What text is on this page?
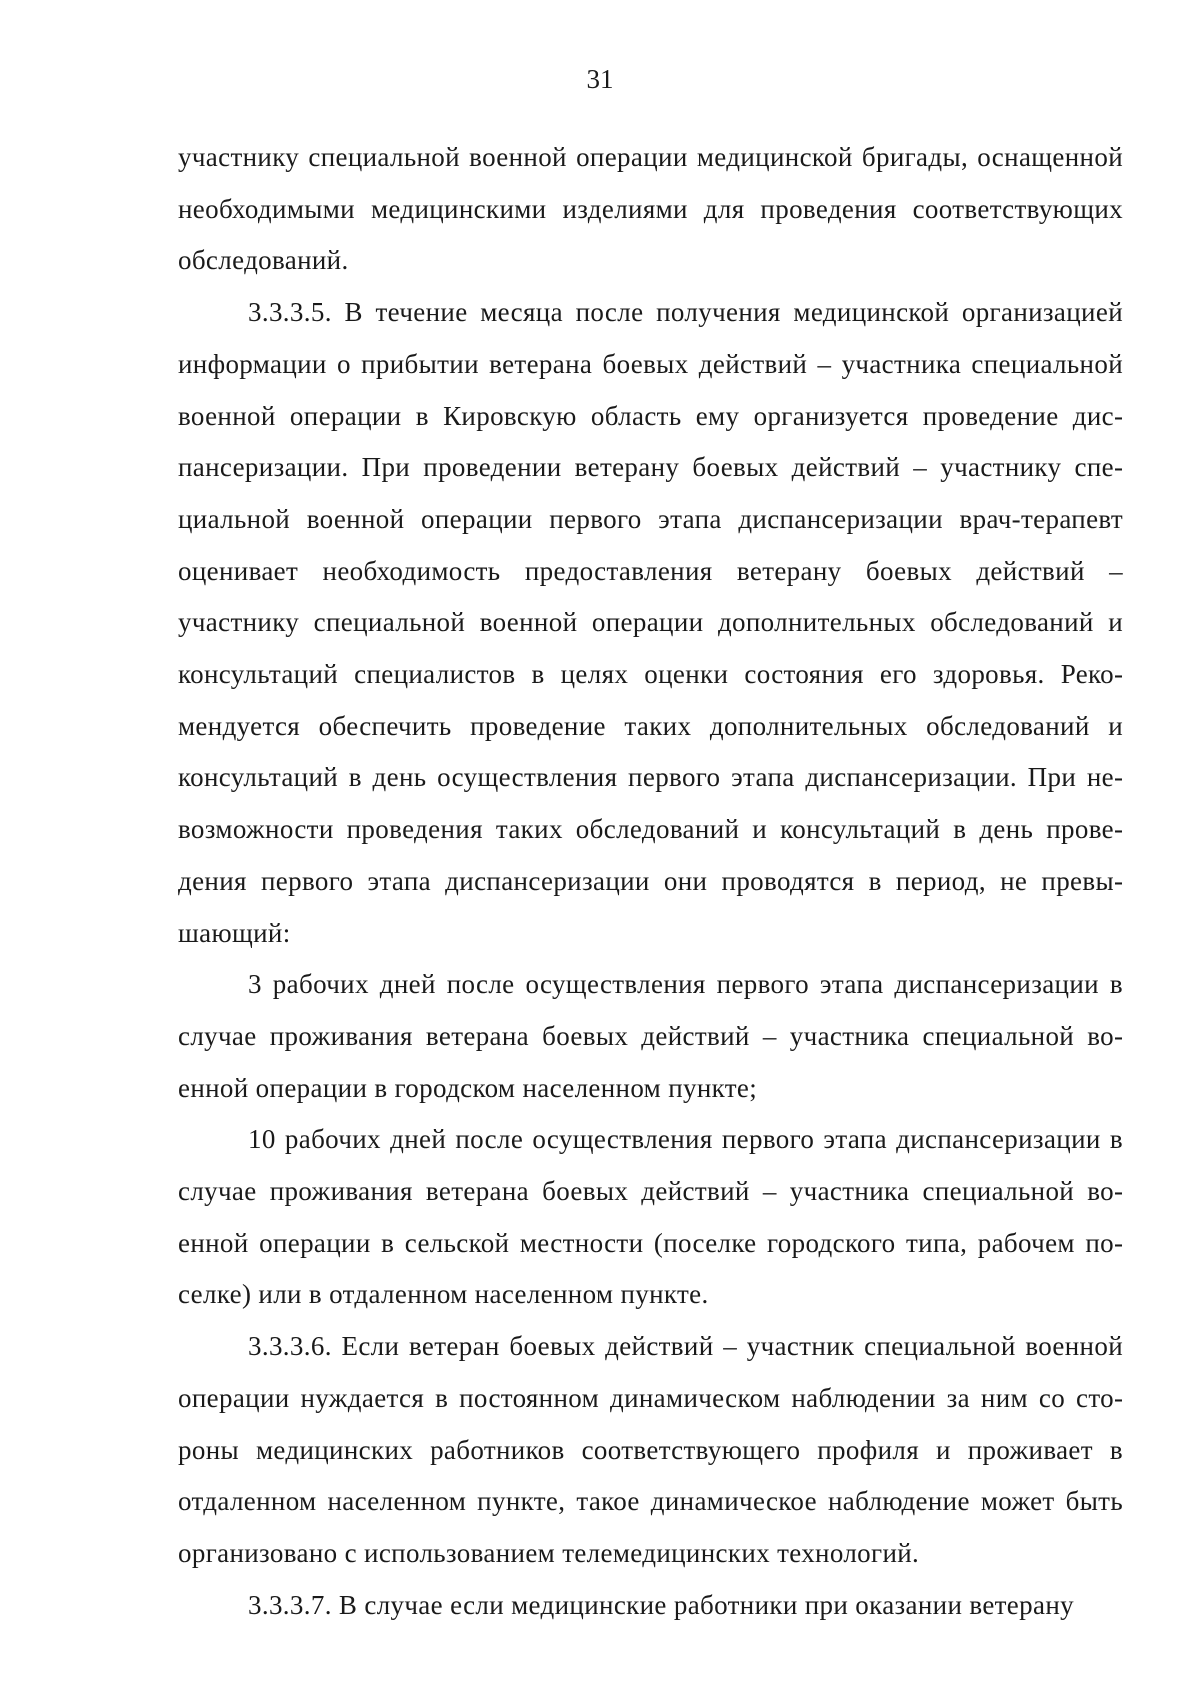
31

участнику специальной военной операции медицинской бригады, оснащенной необходимыми медицинскими изделиями для проведения соответствующих обследований.

3.3.3.5. В течение месяца после получения медицинской организацией информации о прибытии ветерана боевых действий – участника специальной военной операции в Кировскую область ему организуется проведение диспансеризации. При проведении ветерану боевых действий – участнику специальной военной операции первого этапа диспансеризации врач-терапевт оценивает необходимость предоставления ветерану боевых действий – участнику специальной военной операции дополнительных обследований и консультаций специалистов в целях оценки состояния его здоровья. Рекомендуется обеспечить проведение таких дополнительных обследований и консультаций в день осуществления первого этапа диспансеризации. При невозможности проведения таких обследований и консультаций в день проведения первого этапа диспансеризации они проводятся в период, не превышающий:

3 рабочих дней после осуществления первого этапа диспансеризации в случае проживания ветерана боевых действий – участника специальной военной операции в городском населенном пункте;

10 рабочих дней после осуществления первого этапа диспансеризации в случае проживания ветерана боевых действий – участника специальной военной операции в сельской местности (поселке городского типа, рабочем поселке) или в отдаленном населенном пункте.

3.3.3.6. Если ветеран боевых действий – участник специальной военной операции нуждается в постоянном динамическом наблюдении за ним со стороны медицинских работников соответствующего профиля и проживает в отдаленном населенном пункте, такое динамическое наблюдение может быть организовано с использованием телемедицинских технологий.

3.3.3.7. В случае если медицинские работники при оказании ветерану
